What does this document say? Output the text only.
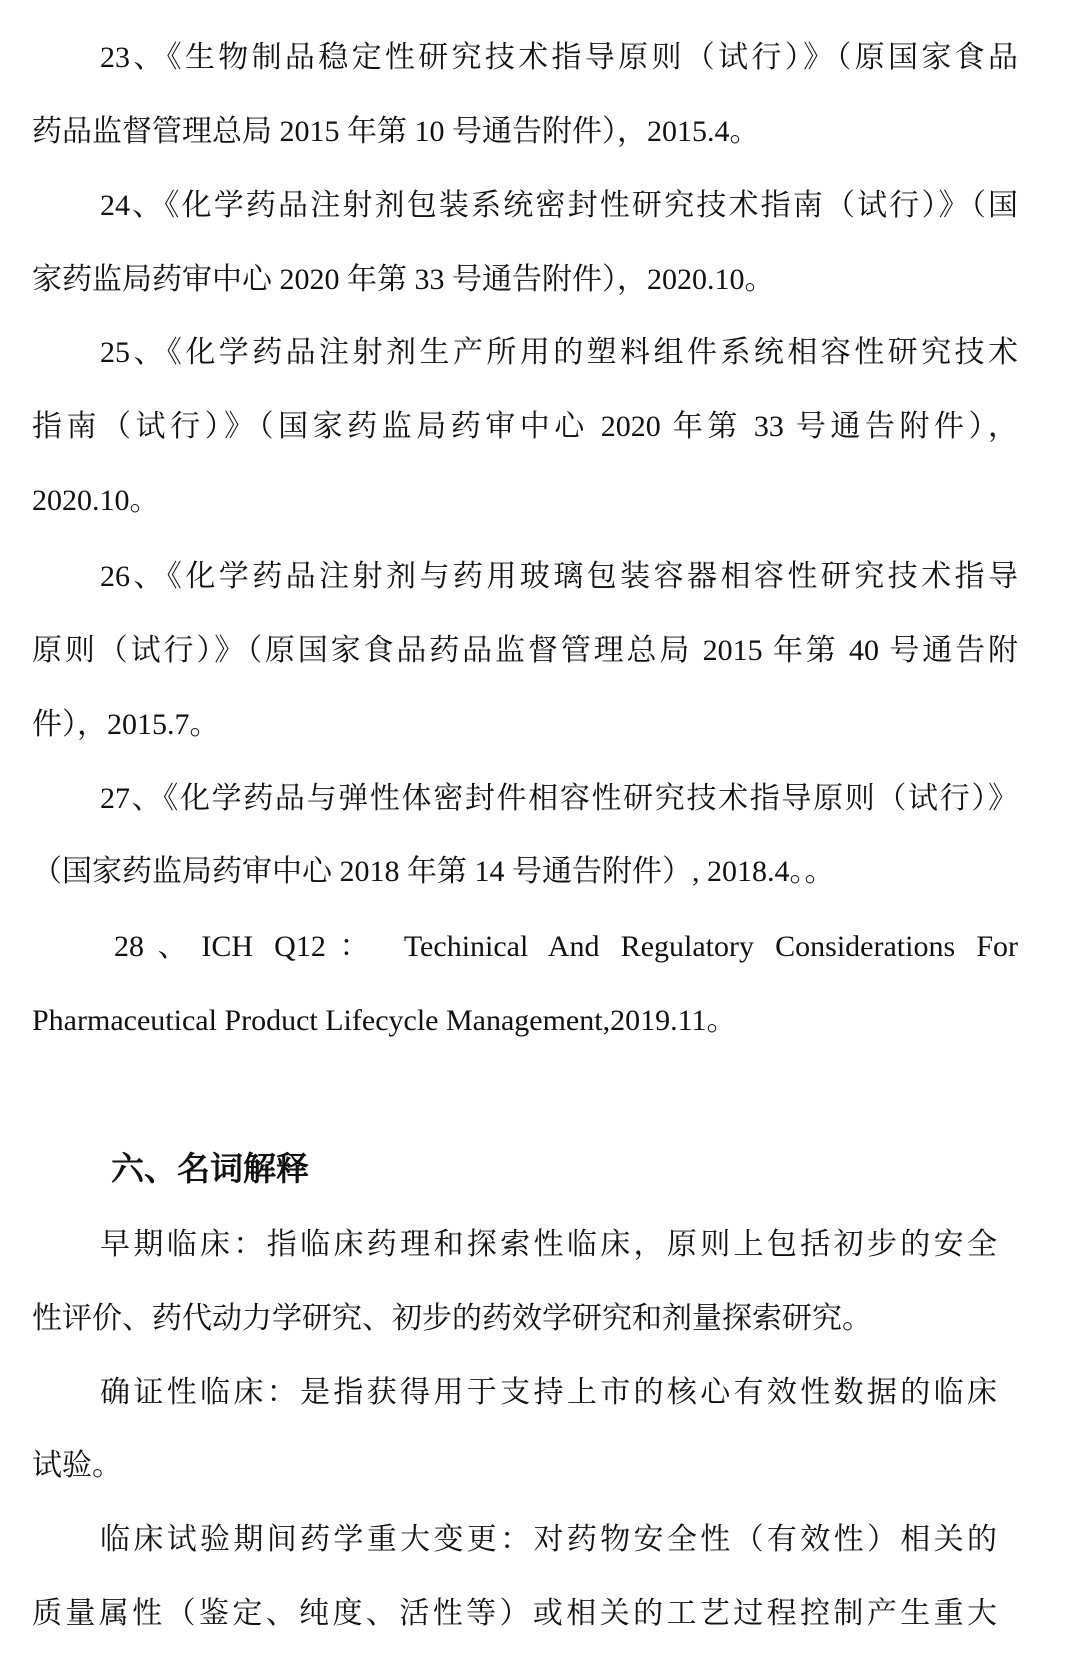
23、《生物制品稳定性研究技术指导原则（试行）》（原国家食品
药品监督管理总局 2015 年第 10 号通告附件），2015.4。
24、《化学药品注射剂包装系统密封性研究技术指南（试行）》（国
家药监局药审中心 2020 年第 33 号通告附件），2020.10。
25、《化学药品注射剂生产所用的塑料组件系统相容性研究技术
指南（试行）》（国家药监局药审中心 2020 年第 33 号通告附件），
2020.10。
26、《化学药品注射剂与药用玻璃包装容器相容性研究技术指导
原则（试行）》（原国家食品药品监督管理总局 2015 年第 40 号通告附
件），2015.7。
27、《化学药品与弹性体密封件相容性研究技术指导原则（试行）》
（国家药监局药审中心 2018 年第 14 号通告附件）, 2018.4。。
28、ICH Q12： Techinical And Regulatory Considerations For
Pharmaceutical Product Lifecycle Management,2019.11。
六、名词解释
早期临床：指临床药理和探索性临床，原则上包括初步的安全
性评价、药代动力学研究、初步的药效学研究和剂量探索研究。
确证性临床：是指获得用于支持上市的核心有效性数据的临床
试验。
临床试验期间药学重大变更：对药物安全性（有效性）相关的
质量属性（鉴定、纯度、活性等）或相关的工艺过程控制产生重大
